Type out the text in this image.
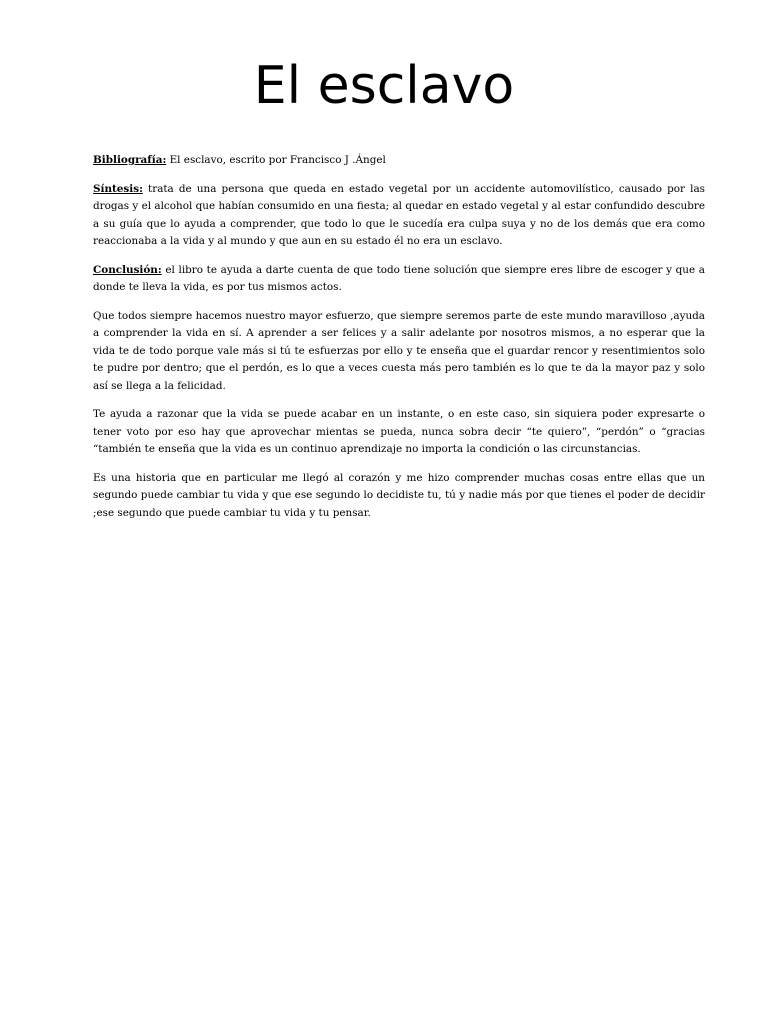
El esclavo

Bibliografía: El esclavo, escrito por Francisco J .Ángel

Síntesis: trata de una persona que queda en estado vegetal por un accidente automovilístico, causado por las drogas y el alcohol que habían consumido en una fiesta; al quedar en estado vegetal y al estar confundido descubre a su guía que lo ayuda a comprender, que todo lo que le sucedía era culpa suya y no de los demás que era como reaccionaba a la vida y al mundo y que aun en su estado él no era un esclavo.

Conclusión: el libro te ayuda a darte cuenta de que todo tiene solución que siempre eres libre de escoger y que a donde te lleva la vida, es por tus mismos actos.

Que todos siempre hacemos nuestro mayor esfuerzo, que siempre seremos parte de este mundo maravilloso ,ayuda a comprender la vida en sí. A aprender a ser felices y a salir adelante por nosotros mismos, a no esperar que la vida te de todo porque vale más si tú te esfuerzas por ello y te enseña que el guardar rencor y resentimientos solo te pudre por dentro; que el perdón, es lo que a veces cuesta más pero también es lo que te da la mayor paz y solo así se llega a la felicidad.

Te ayuda a razonar que la vida se puede acabar en un instante, o en este caso, sin siquiera poder expresarte o tener voto por eso hay que aprovechar mientas se pueda, nunca sobra decir “te quiero”, “perdón” o “gracias “también te enseña que la vida es un continuo aprendizaje no importa la condición o las circunstancias.

Es una historia que en particular me llegó al corazón y me hizo comprender muchas cosas entre ellas que un segundo puede cambiar tu vida y que ese segundo lo decidiste tu, tú y nadie más por que tienes el poder de decidir ;ese segundo que puede cambiar tu vida y tu pensar.
